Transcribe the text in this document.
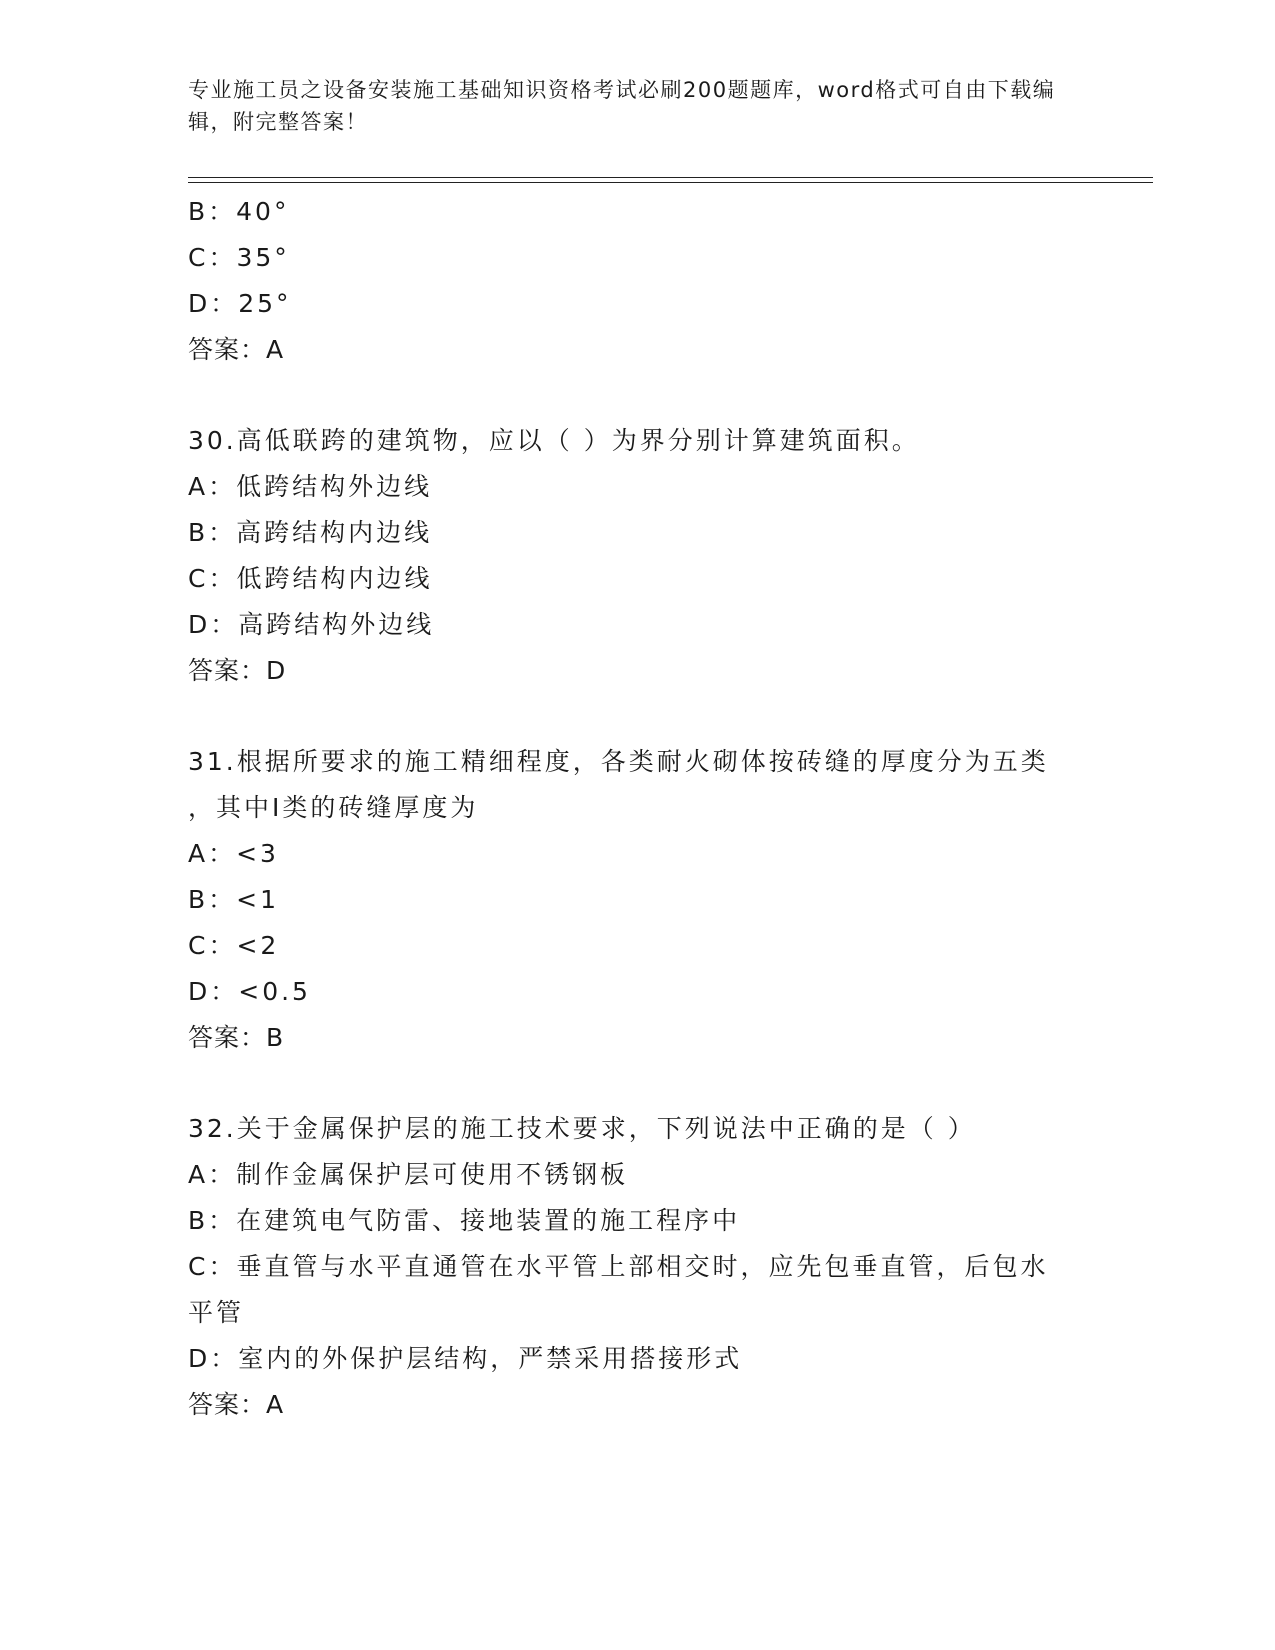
专业施工员之设备安装施工基础知识资格考试必刷200题题库，word格式可自由下载编辑，附完整答案！
B：40°
C：35°
D：25°
答案：A
30.高低联跨的建筑物，应以（ ）为界分别计算建筑面积。
A：低跨结构外边线
B：高跨结构内边线
C：低跨结构内边线
D：高跨结构外边线
答案：D
31.根据所要求的施工精细程度，各类耐火砌体按砖缝的厚度分为五类
，其中Ⅰ类的砖缝厚度为
A：<3
B：<1
C：<2
D：<0.5
答案：B
32.关于金属保护层的施工技术要求，下列说法中正确的是（ ）
A：制作金属保护层可使用不锈钢板
B：在建筑电气防雷、接地装置的施工程序中
C：垂直管与水平直通管在水平管上部相交时，应先包垂直管，后包水
平管
D：室内的外保护层结构，严禁采用搭接形式
答案：A
